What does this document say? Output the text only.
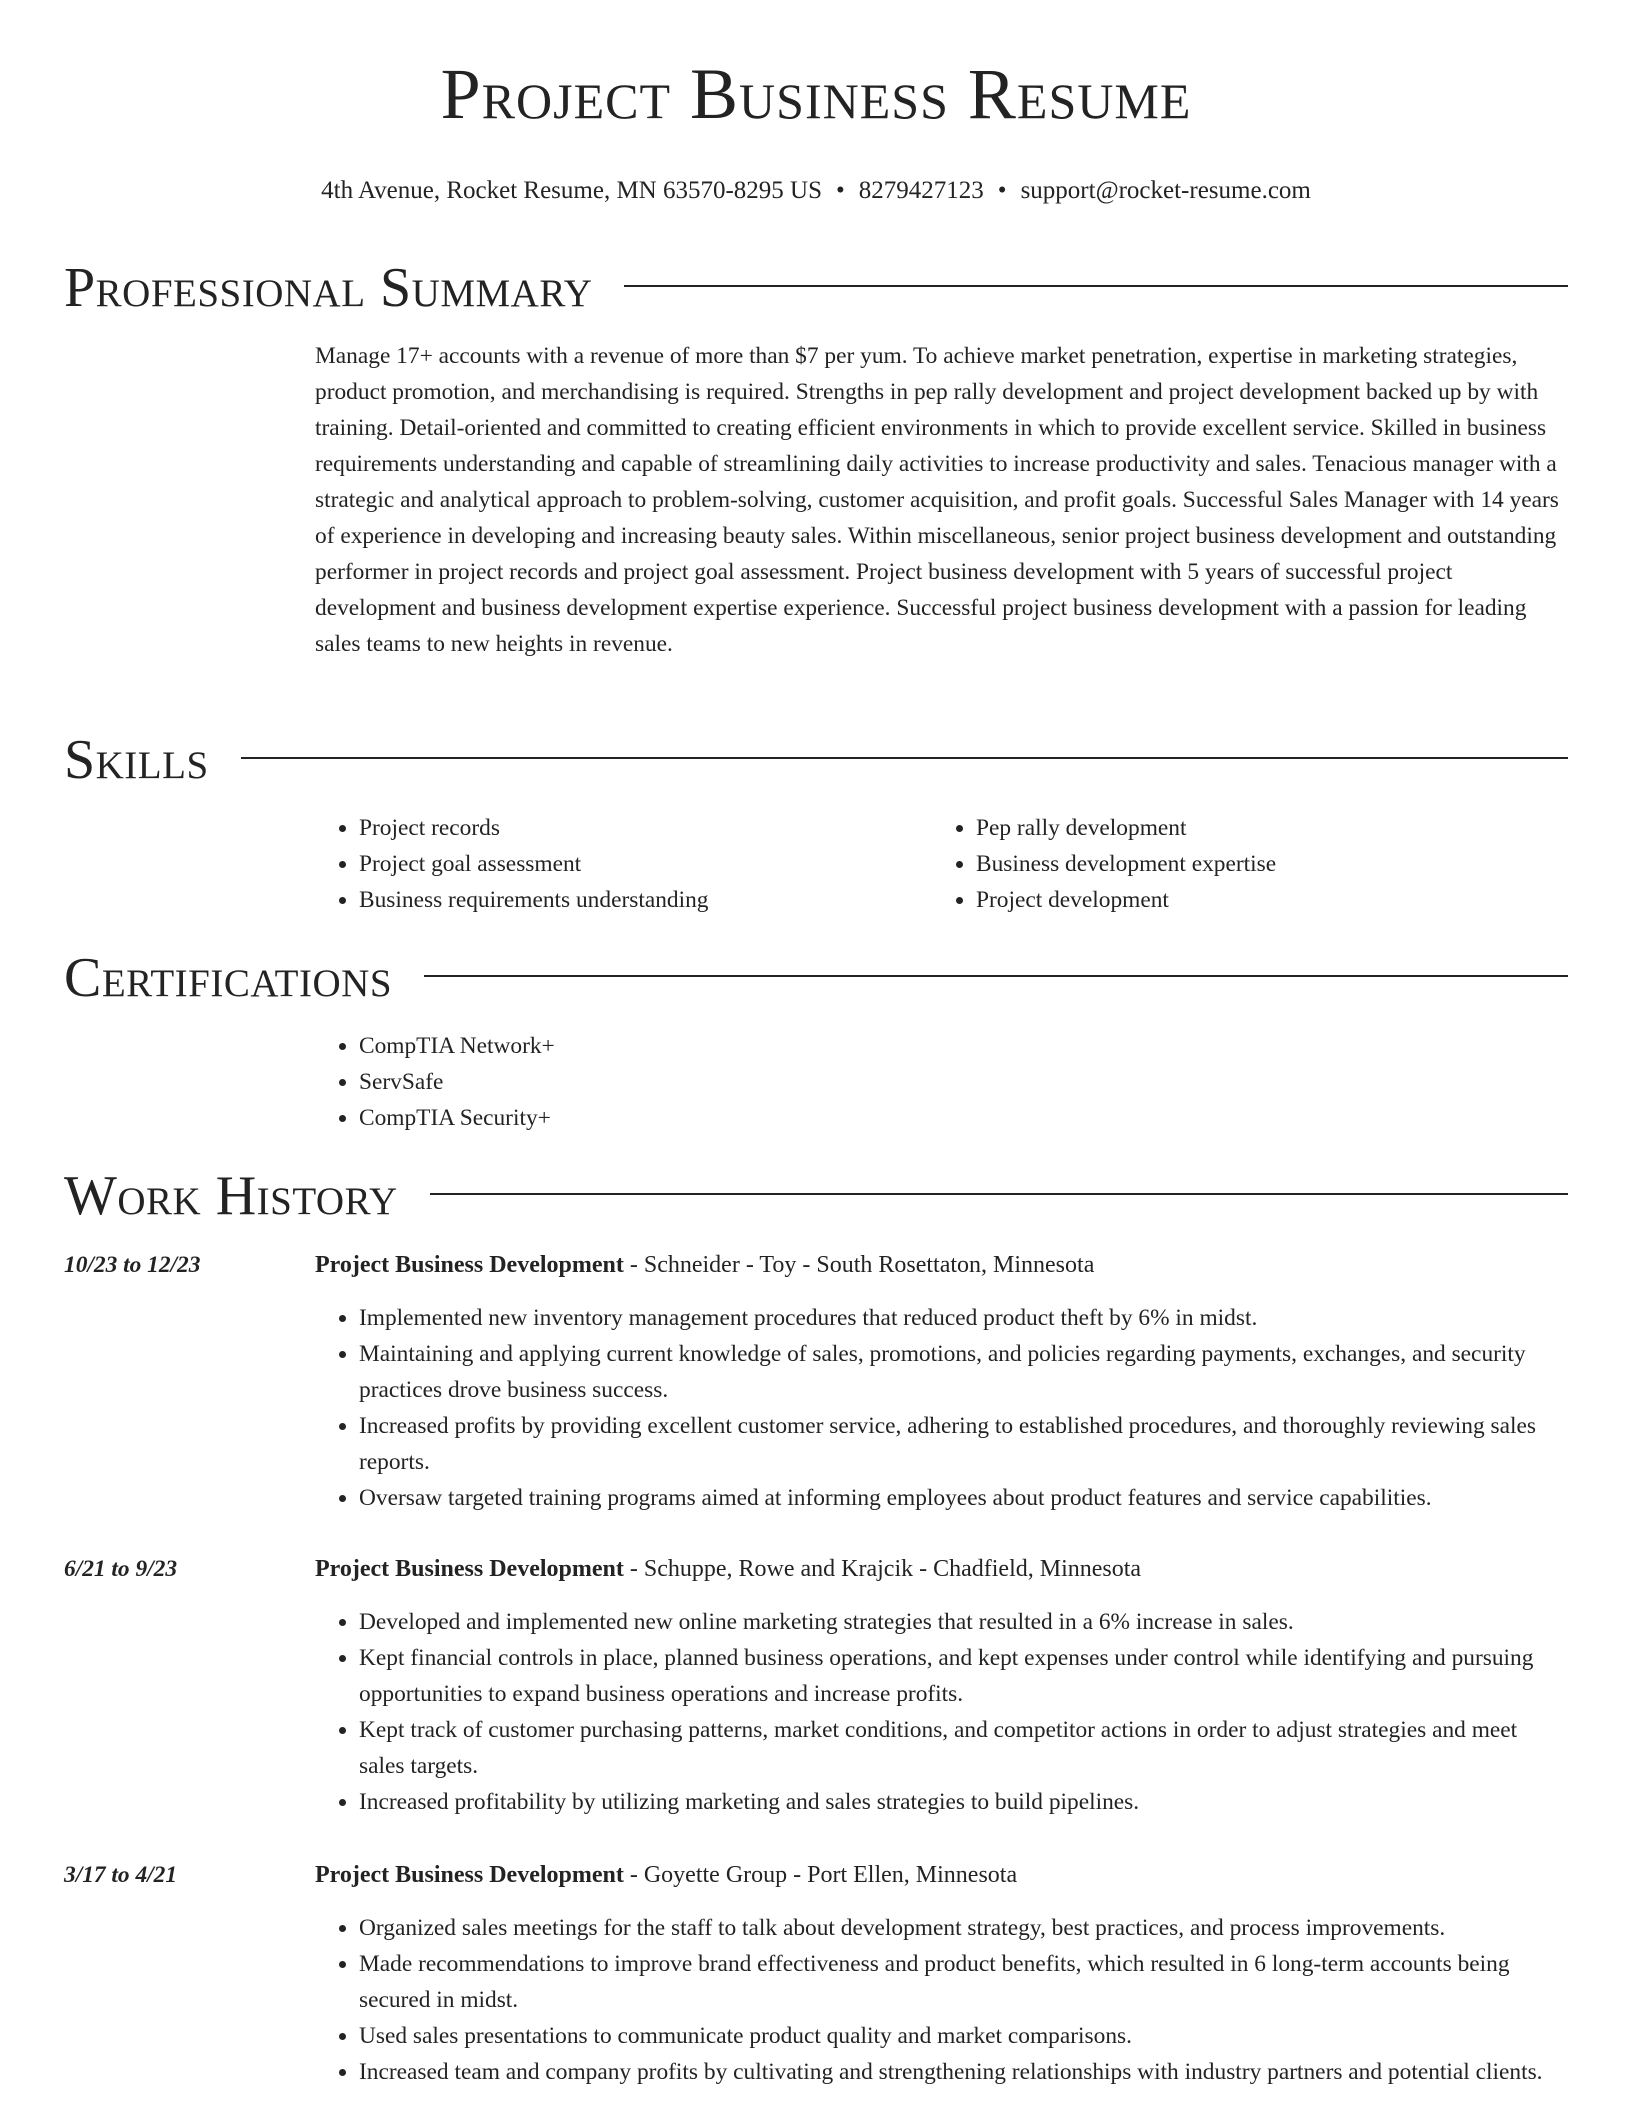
Project Business Resume
4th Avenue, Rocket Resume, MN 63570-8295 US • 8279427123 • support@rocket-resume.com
Professional Summary

Manage 17+ accounts with a revenue of more than $7 per yum. To achieve market penetration, expertise in marketing strategies, product promotion, and merchandising is required. Strengths in pep rally development and project development backed up by with training. Detail-oriented and committed to creating efficient environments in which to provide excellent service. Skilled in business requirements understanding and capable of streamlining daily activities to increase productivity and sales. Tenacious manager with a strategic and analytical approach to problem-solving, customer acquisition, and profit goals. Successful Sales Manager with 14 years of experience in developing and increasing beauty sales. Within miscellaneous, senior project business development and outstanding performer in project records and project goal assessment. Project business development with 5 years of successful project development and business development expertise experience. Successful project business development with a passion for leading sales teams to new heights in revenue.

Skills
• Project records
• Project goal assessment
• Business requirements understanding
• Pep rally development
• Business development expertise
• Project development
Certifications
• CompTIA Network+
• ServSafe
• CompTIA Security+
Work History
10/23 to 12/23	Project Business Development - Schneider - Toy - South Rosettaton, Minnesota
• Implemented new inventory management procedures that reduced product theft by 6% in midst.
• Maintaining and applying current knowledge of sales, promotions, and policies regarding payments, exchanges, and security practices drove business success.
• Increased profits by providing excellent customer service, adhering to established procedures, and thoroughly reviewing sales reports.
• Oversaw targeted training programs aimed at informing employees about product features and service capabilities.
6/21 to 9/23	Project Business Development - Schuppe, Rowe and Krajcik - Chadfield, Minnesota
• Developed and implemented new online marketing strategies that resulted in a 6% increase in sales.
• Kept financial controls in place, planned business operations, and kept expenses under control while identifying and pursuing opportunities to expand business operations and increase profits.
• Kept track of customer purchasing patterns, market conditions, and competitor actions in order to adjust strategies and meet sales targets.
• Increased profitability by utilizing marketing and sales strategies to build pipelines.
3/17 to 4/21	Project Business Development - Goyette Group - Port Ellen, Minnesota
• Organized sales meetings for the staff to talk about development strategy, best practices, and process improvements.
• Made recommendations to improve brand effectiveness and product benefits, which resulted in 6 long-term accounts being secured in midst.
• Used sales presentations to communicate product quality and market comparisons.
• Increased team and company profits by cultivating and strengthening relationships with industry partners and potential clients.
